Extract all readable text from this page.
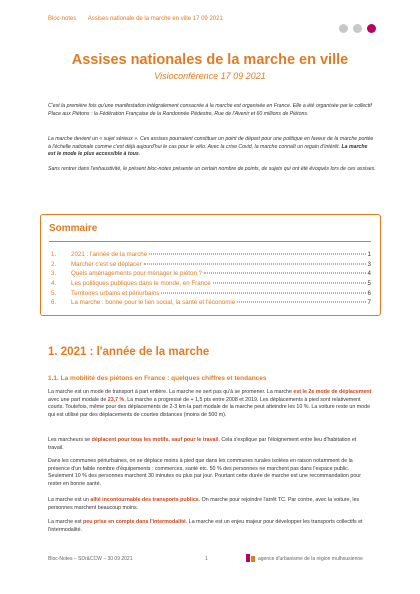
Bloc-notes Assises nationale de la marche en ville 17 09 2021
Assises nationales de la marche en ville
Visioconférence 17 09 2021

C'est la première fois qu'une manifestation intégralement consacrée à la marche est organisée en France. Elle a été organisée par le collectif Place aux Piétons : la Fédération Française de la Randonnée Pédestre, Rue de l'Avenir et 60 millions de Piétons.

La marche devient un « sujet sérieux ». Ces assises pourraient constituer un point de départ pour une politique en faveur de la marche portée à l'échelle nationale comme c'est déjà aujourd'hui le cas pour le vélo. Avec la crise Covid, la marche connaît un regain d'intérêt. La marche est le mode le plus accessible à tous.

Sans rentrer dans l'exhaustivité, le présent bloc-notes présente un certain nombre de points, de sujets qui ont été évoqués lors de ces assises.

Sommaire
1.	2021 : l'année de la marche	1
2.	Marcher c'est se déplacer	3
3.	Quels aménagements pour ménager le piéton ?	4
4.	Les politiques publiques dans le monde, en France	5
5.	Territoires urbains et périurbains	6
6.	La marche : bonne pour le lien social, la santé et l'économie	7
1. 2021 : l'année de la marche
1.1. La mobilité des piétons en France : quelques chiffres et tendances

La marche est un mode de transport à part entière. La marche ne sert pas qu'à se promener. La marche est le 2e mode de déplacement avec une part modale de 23,7 %. La marche a progressé de + 1,5 pts entre 2008 et 2019. Les déplacements à pied sont relativement courts. Toutefois, même pour des déplacements de 2-3 km la part modale de la marche peut atteindre les 10 %. La voiture reste un mode qui est utilisé par des déplacements de courtes distances (moins de 500 m).

Les marcheurs se déplacent pour tous les motifs, sauf pour le travail. Cela s'explique par l'éloignement entre lieu d'habitation et travail.

Dans les communes périurbaines, on se déplace moins à pied que dans les communes rurales isolées en raison notamment de la présence d'un faible nombre d'équipements : commerces, santé etc. 50 % des personnes ne marchent pas dans l'espace public. Seulement 10 % des personnes marchent 30 minutes ou plus par jour. Pourtant cette durée de marche est une recommandation pour rester en bonne santé.

La marche est un allié incontournable des transports publics. On marche pour rejoindre l'arrêt TC. Par contre, avec la voiture, les personnes marchent beaucoup moins.

La marche est peu prise en compte dans l'intermodalité. La marche est un enjeu majeur pour développer les transports collectifs et l'intermodalité.

Bloc-Notes – SDr&CCW – 30 09 2021	1	agence d'urbanisme de la région mulhousienne
